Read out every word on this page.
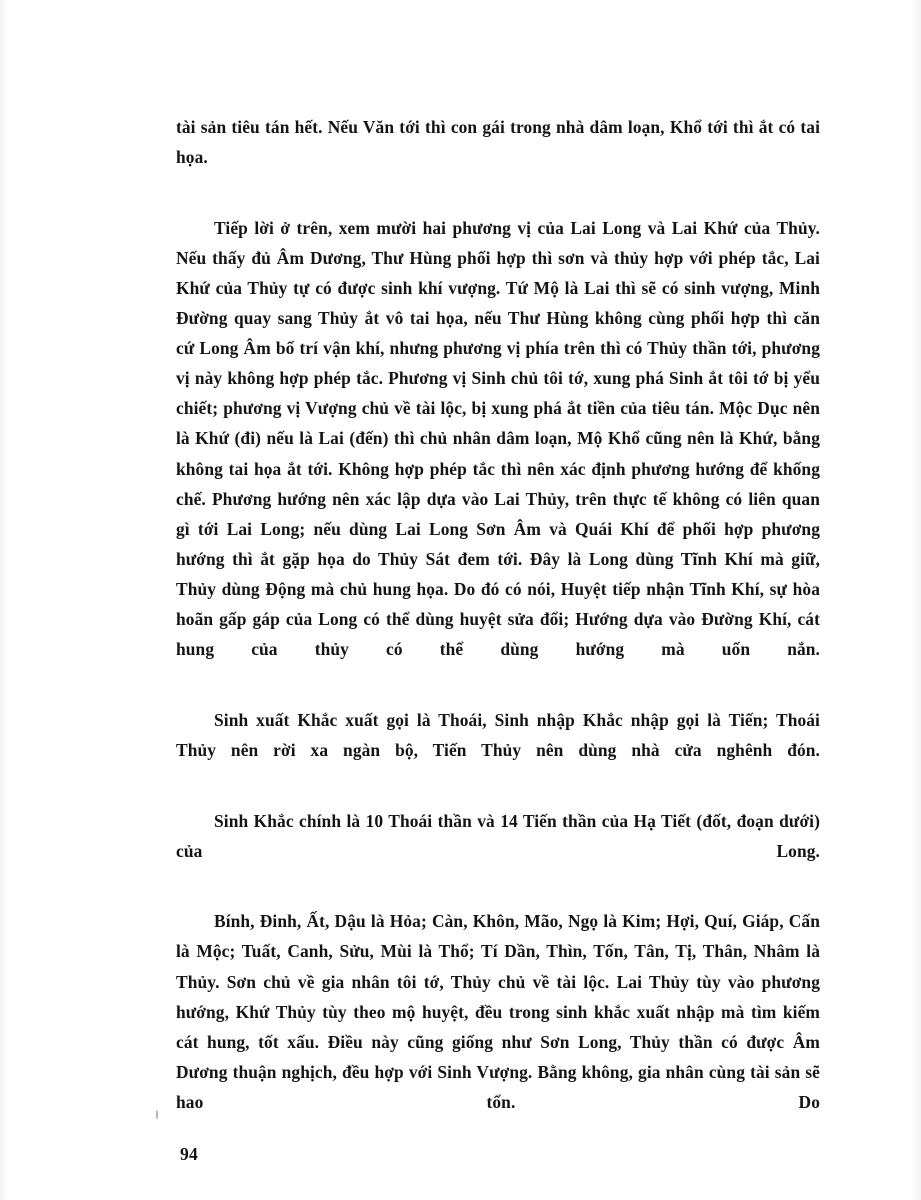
tài sản tiêu tán hết. Nếu Văn tới thì con gái trong nhà dâm loạn, Khổ tới thì ắt có tai họa.

Tiếp lời ở trên, xem mười hai phương vị của Lai Long và Lai Khứ của Thủy. Nếu thấy đủ Âm Dương, Thư Hùng phối hợp thì sơn và thủy hợp với phép tắc, Lai Khứ của Thủy tự có được sinh khí vượng. Tứ Mộ là Lai thì sẽ có sinh vượng, Minh Đường quay sang Thủy ắt vô tai họa, nếu Thư Hùng không cùng phối hợp thì căn cứ Long Âm bố trí vận khí, nhưng phương vị phía trên thì có Thủy thần tới, phương vị này không hợp phép tắc. Phương vị Sinh chủ tôi tớ, xung phá Sinh ắt tôi tớ bị yểu chiết; phương vị Vượng chủ về tài lộc, bị xung phá ắt tiền của tiêu tán. Mộc Dục nên là Khứ (đi) nếu là Lai (đến) thì chủ nhân dâm loạn, Mộ Khổ cũng nên là Khứ, bằng không tai họa ắt tới. Không hợp phép tắc thì nên xác định phương hướng để khống chế. Phương hướng nên xác lập dựa vào Lai Thủy, trên thực tế không có liên quan gì tới Lai Long; nếu dùng Lai Long Sơn Âm và Quái Khí để phối hợp phương hướng thì ắt gặp họa do Thủy Sát đem tới. Đây là Long dùng Tĩnh Khí mà giữ, Thủy dùng Động mà chủ hung họa. Do đó có nói, Huyệt tiếp nhận Tĩnh Khí, sự hòa hoãn gấp gáp của Long có thể dùng huyệt sửa đổi; Hướng dựa vào Đường Khí, cát hung của thủy có thể dùng hướng mà uốn nắn.

Sinh xuất Khắc xuất gọi là Thoái, Sinh nhập Khắc nhập gọi là Tiến; Thoái Thủy nên rời xa ngàn bộ, Tiến Thủy nên dùng nhà cửa nghênh đón.

Sinh Khắc chính là 10 Thoái thần và 14 Tiến thần của Hạ Tiết (đốt, đoạn dưới) của Long.

Bính, Đinh, Ất, Dậu là Hỏa; Càn, Khôn, Mão, Ngọ là Kim; Hợi, Quí, Giáp, Cấn là Mộc; Tuất, Canh, Sửu, Mùi là Thổ; Tí Dần, Thìn, Tốn, Tân, Tị, Thân, Nhâm là Thủy. Sơn chủ về gia nhân tôi tớ, Thủy chủ về tài lộc. Lai Thủy tùy vào phương hướng, Khứ Thủy tùy theo mộ huyệt, đều trong sinh khắc xuất nhập mà tìm kiếm cát hung, tốt xấu. Điều này cũng giống như Sơn Long, Thủy thần có được Âm Dương thuận nghịch, đều hợp với Sinh Vượng. Bằng không, gia nhân cùng tài sản sẽ hao tổn. Do

94
